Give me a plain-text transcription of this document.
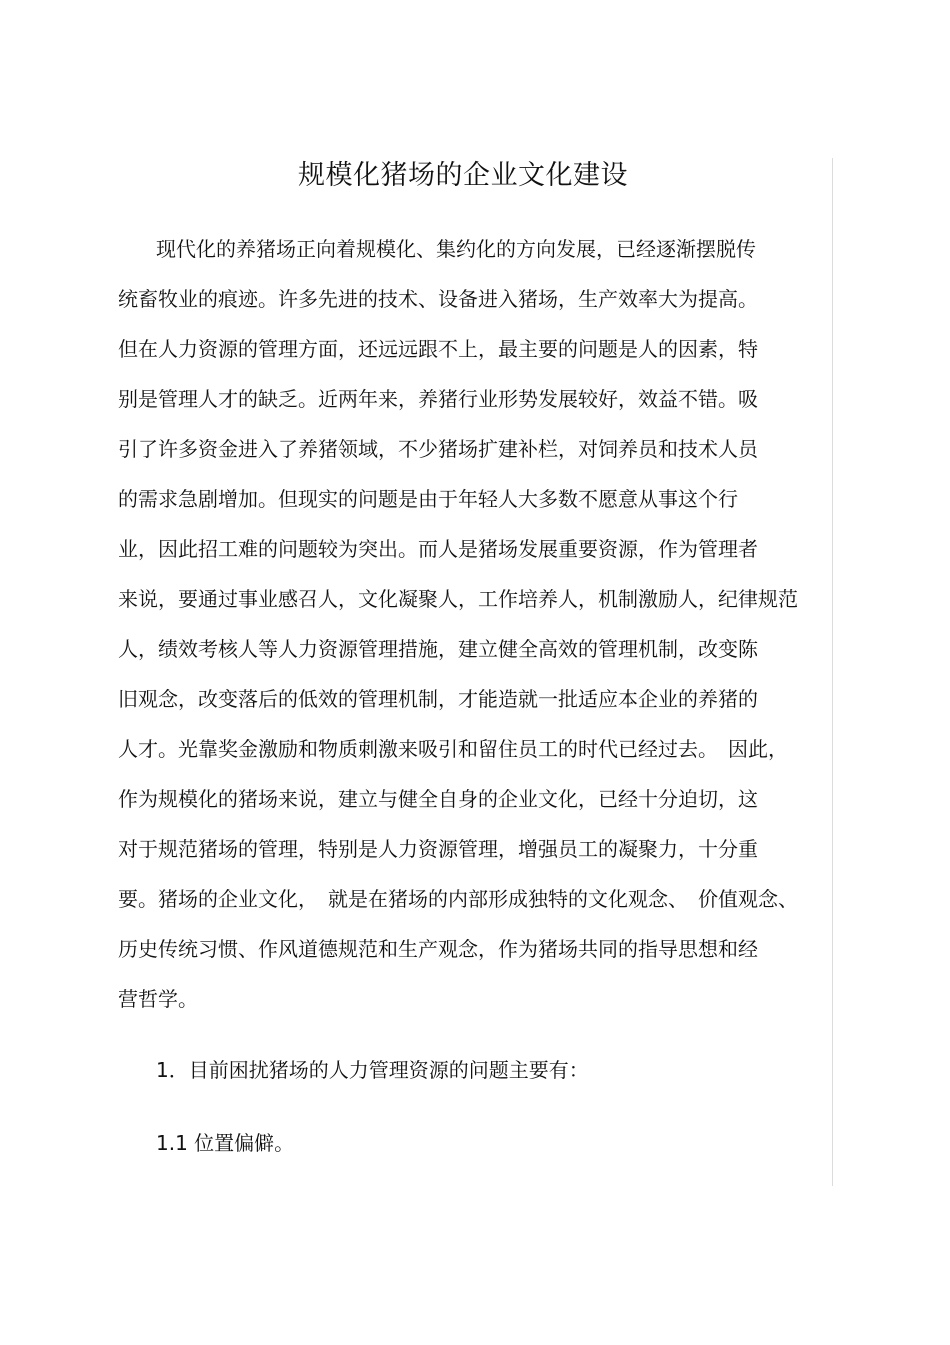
规模化猪场的企业文化建设
现代化的养猪场正向着规模化、集约化的方向发展，已经逐渐摆脱传
统畜牧业的痕迹。许多先进的技术、设备进入猪场，生产效率大为提高。
但在人力资源的管理方面，还远远跟不上，最主要的问题是人的因素，特
别是管理人才的缺乏。近两年来，养猪行业形势发展较好，效益不错。吸
引了许多资金进入了养猪领域，不少猪场扩建补栏，对饲养员和技术人员
的需求急剧增加。但现实的问题是由于年轻人大多数不愿意从事这个行
业，因此招工难的问题较为突出。而人是猪场发展重要资源，作为管理者
来说，要通过事业感召人，文化凝聚人，工作培养人，机制激励人，纪律规范
人，绩效考核人等人力资源管理措施，建立健全高效的管理机制，改变陈
旧观念，改变落后的低效的管理机制，才能造就一批适应本企业的养猪的
人才。光靠奖金激励和物质刺激来吸引和留住员工的时代已经过去。　因此，
作为规模化的猪场来说，建立与健全自身的企业文化，已经十分迫切，这
对于规范猪场的管理，特别是人力资源管理，增强员工的凝聚力，十分重
要。猪场的企业文化，　就是在猪场的内部形成独特的文化观念、　价值观念、
历史传统习惯、作风道德规范和生产观念，作为猪场共同的指导思想和经
营哲学。
1．目前困扰猪场的人力管理资源的问题主要有：
1.1 位置偏僻。
